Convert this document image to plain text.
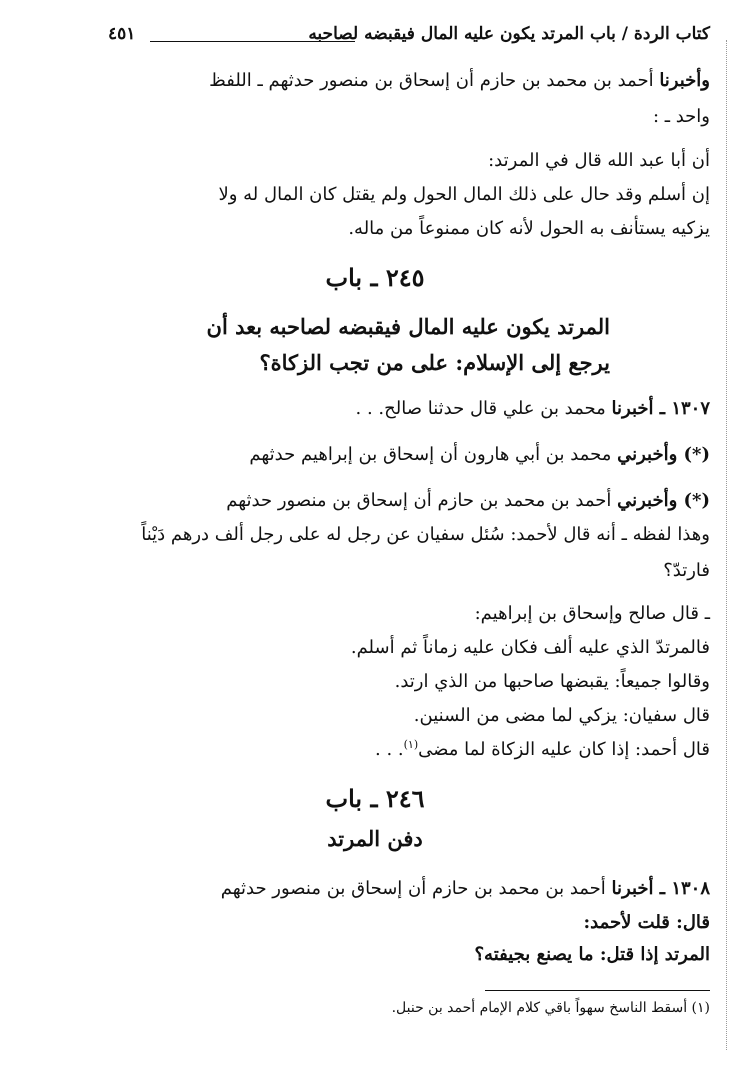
كتاب الردة / باب المرتد يكون عليه المال فيقبضه لصاحبه
٤٥١
وأخبرنا أحمد بن محمد بن حازم أن إسحاق بن منصور حدثهم ـ اللفظ
واحد ـ :
أن أبا عبد الله قال في المرتد:
إن أسلم وقد حال على ذلك المال الحول ولم يقتل كان المال له ولا
يزكيه يستأنف به الحول لأنه كان ممنوعاً من ماله.
٢٤٥ ـ باب
المرتد يكون عليه المال فيقبضه لصاحبه بعد أن
يرجع إلى الإسلام: على من تجب الزكاة؟
١٣٠٧ ـ أخبرنا محمد بن علي قال حدثنا صالح. . .
(*) وأخبرني محمد بن أبي هارون أن إسحاق بن إبراهيم حدثهم
(*) وأخبرني أحمد بن محمد بن حازم أن إسحاق بن منصور حدثهم
وهذا لفظه ـ أنه قال لأحمد: سُئل سفيان عن رجل له على رجل ألف درهم دَيْناً
فارتدّ؟
ـ قال صالح وإسحاق بن إبراهيم:
فالمرتدّ الذي عليه ألف فكان عليه زماناً ثم أسلم.
وقالوا جميعاً: يقبضها صاحبها من الذي ارتد.
قال سفيان: يزكي لما مضى من السنين.
قال أحمد: إذا كان عليه الزكاة لما مضى$^{(١)}$. . .
٢٤٦ ـ باب
دفن المرتد
١٣٠٨ ـ أخبرنا أحمد بن محمد بن حازم أن إسحاق بن منصور حدثهم
قال: قلت لأحمد:
المرتد إذا قتل: ما يصنع بجيفته؟
(١) أسقط الناسخ سهواً باقي كلام الإمام أحمد بن حنبل.
